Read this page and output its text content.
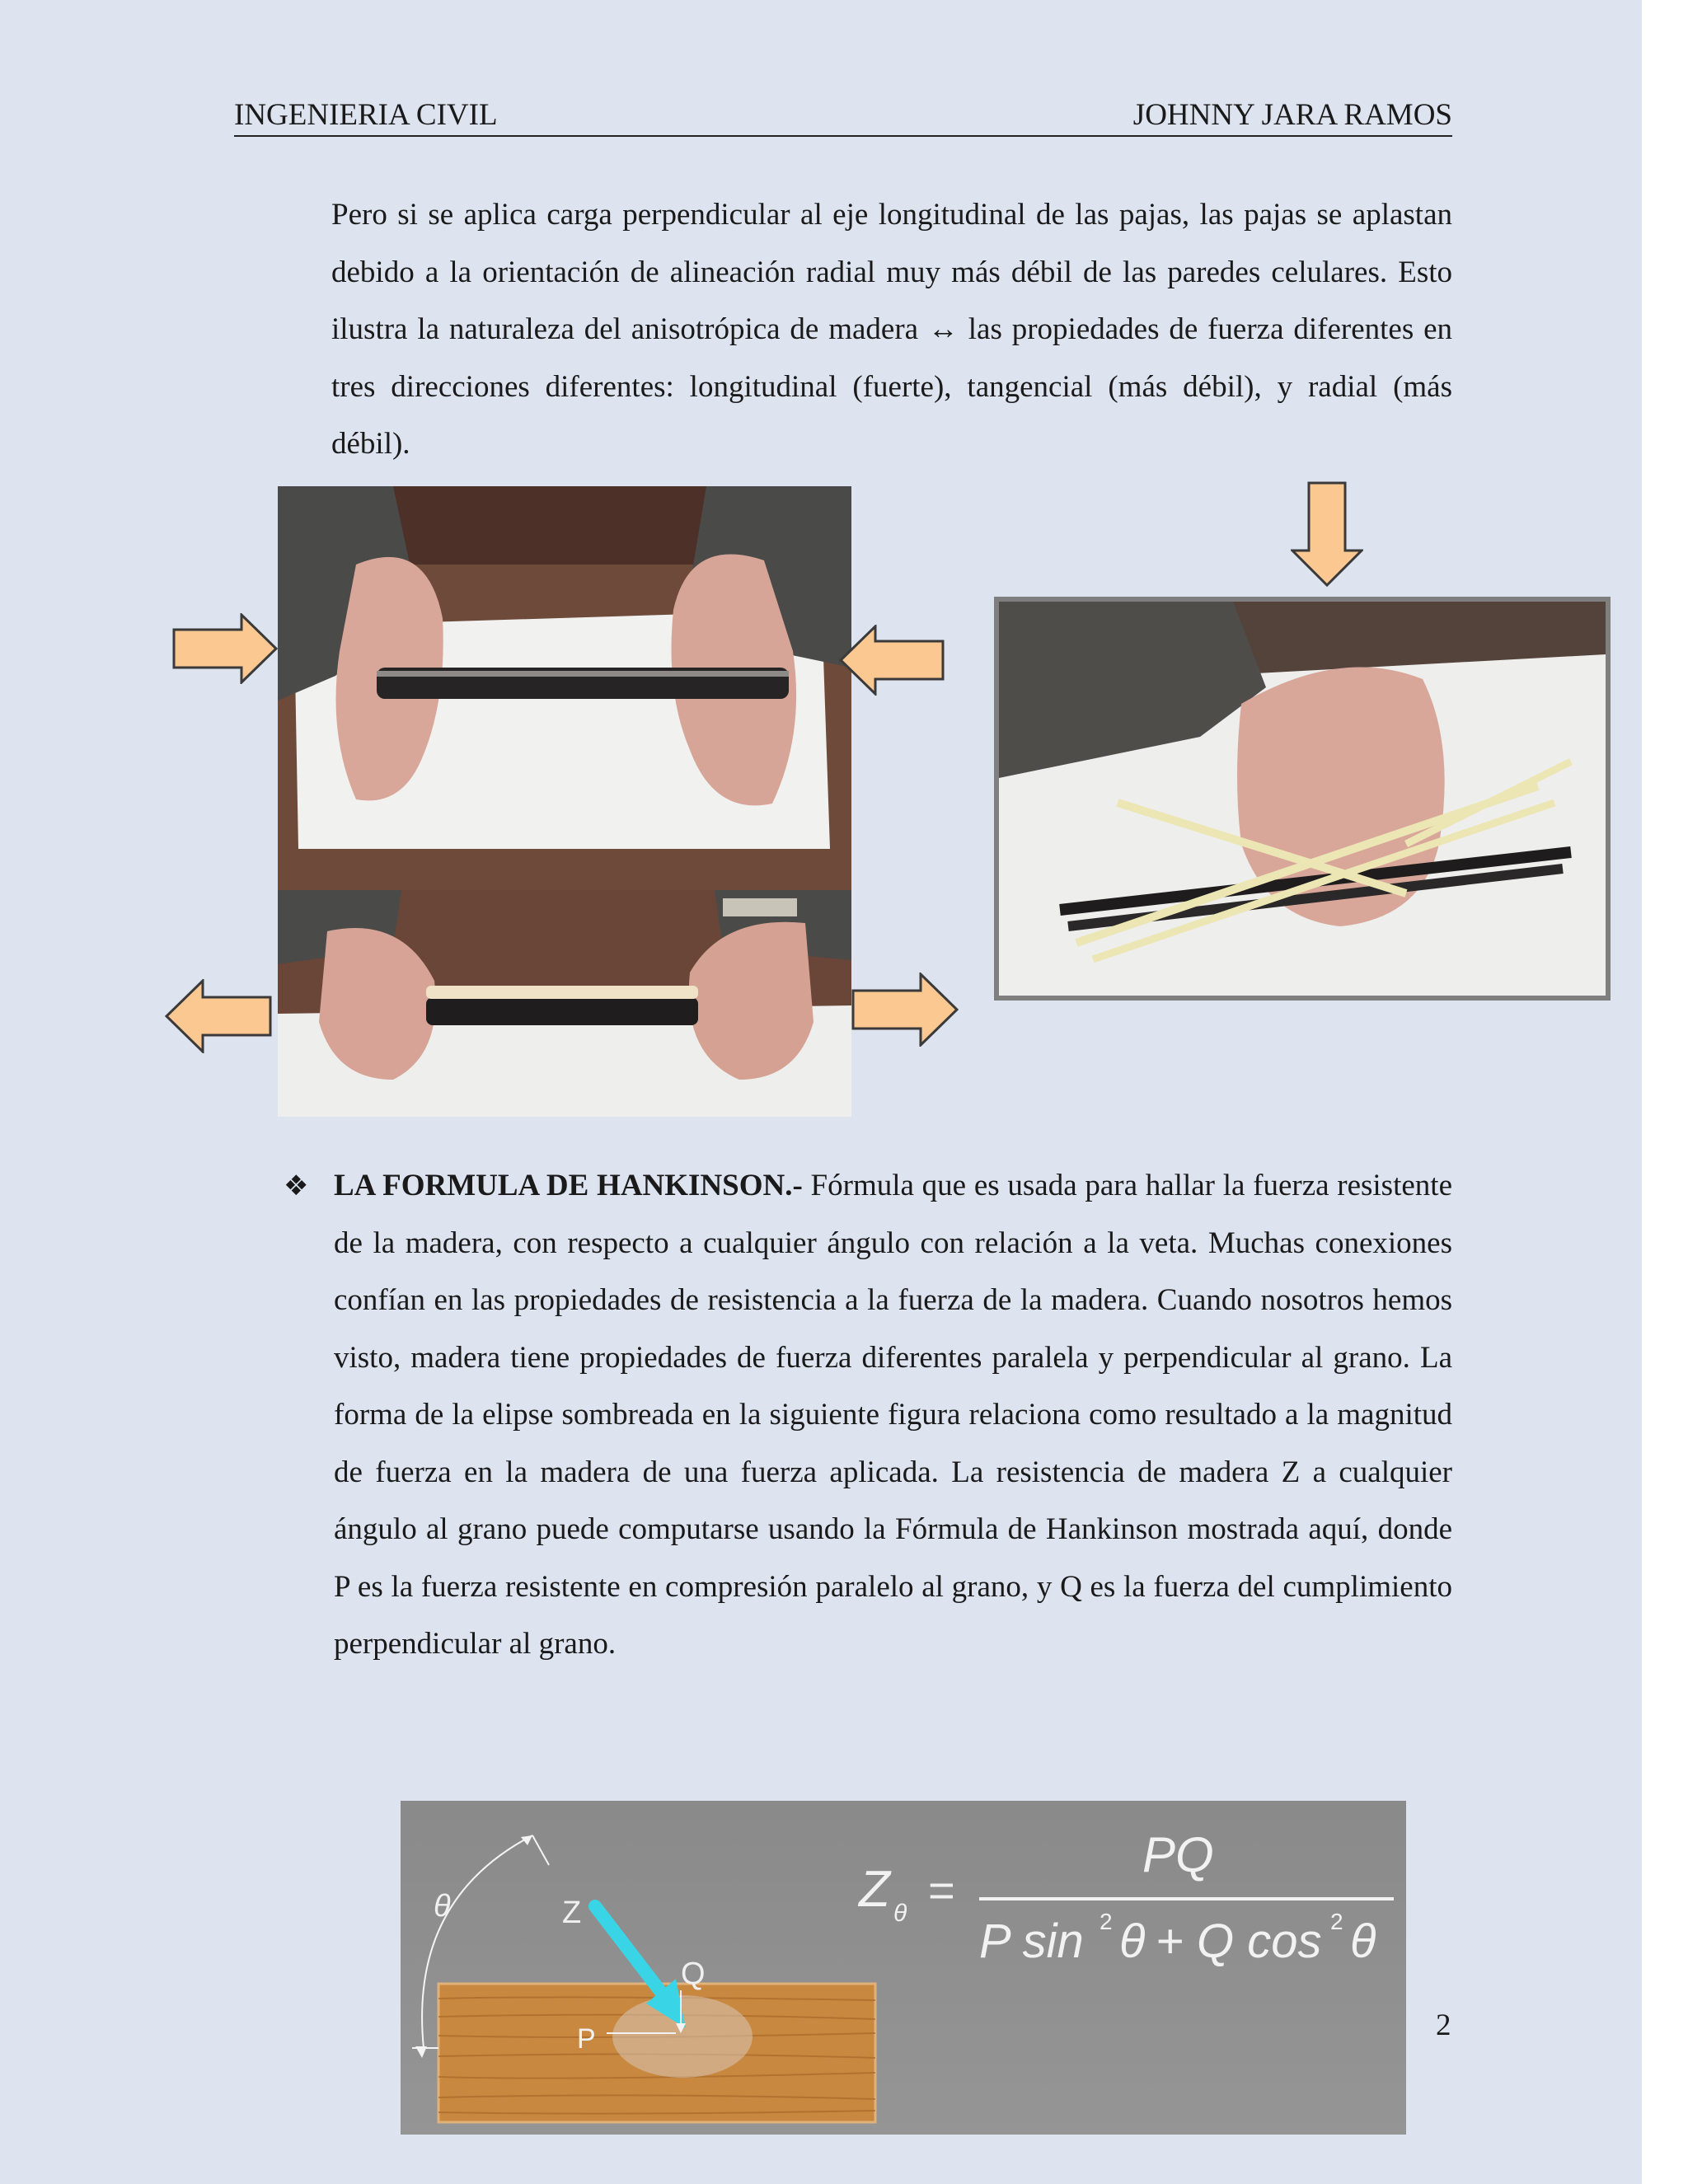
INGENIERIA CIVIL	JOHNNY JARA RAMOS

Pero si se aplica carga perpendicular al eje longitudinal de las pajas, las pajas se aplastan debido a la orientación de alineación radial muy más débil de las paredes celulares. Esto ilustra la naturaleza del anisotrópica de madera ↔ las propiedades de fuerza diferentes en tres direcciones diferentes: longitudinal (fuerte), tangencial (más débil), y radial (más débil).

❖ LA FORMULA DE HANKINSON.- Fórmula que es usada para hallar la fuerza resistente de la madera, con respecto a cualquier ángulo con relación a la veta. Muchas conexiones confían en las propiedades de resistencia a la fuerza de la madera. Cuando nosotros hemos visto, madera tiene propiedades de fuerza diferentes paralela y perpendicular al grano. La forma de la elipse sombreada en la siguiente figura relaciona como resultado a la magnitud de fuerza en la madera de una fuerza aplicada. La resistencia de madera Z a cualquier ángulo al grano puede computarse usando la Fórmula de Hankinson mostrada aquí, donde P es la fuerza resistente en compresión paralelo al grano, y Q es la fuerza del cumplimiento perpendicular al grano.

θ	Z
Q
P
Z θ =
PQ
P sin 2 θ + Q cos 2 θ
2
